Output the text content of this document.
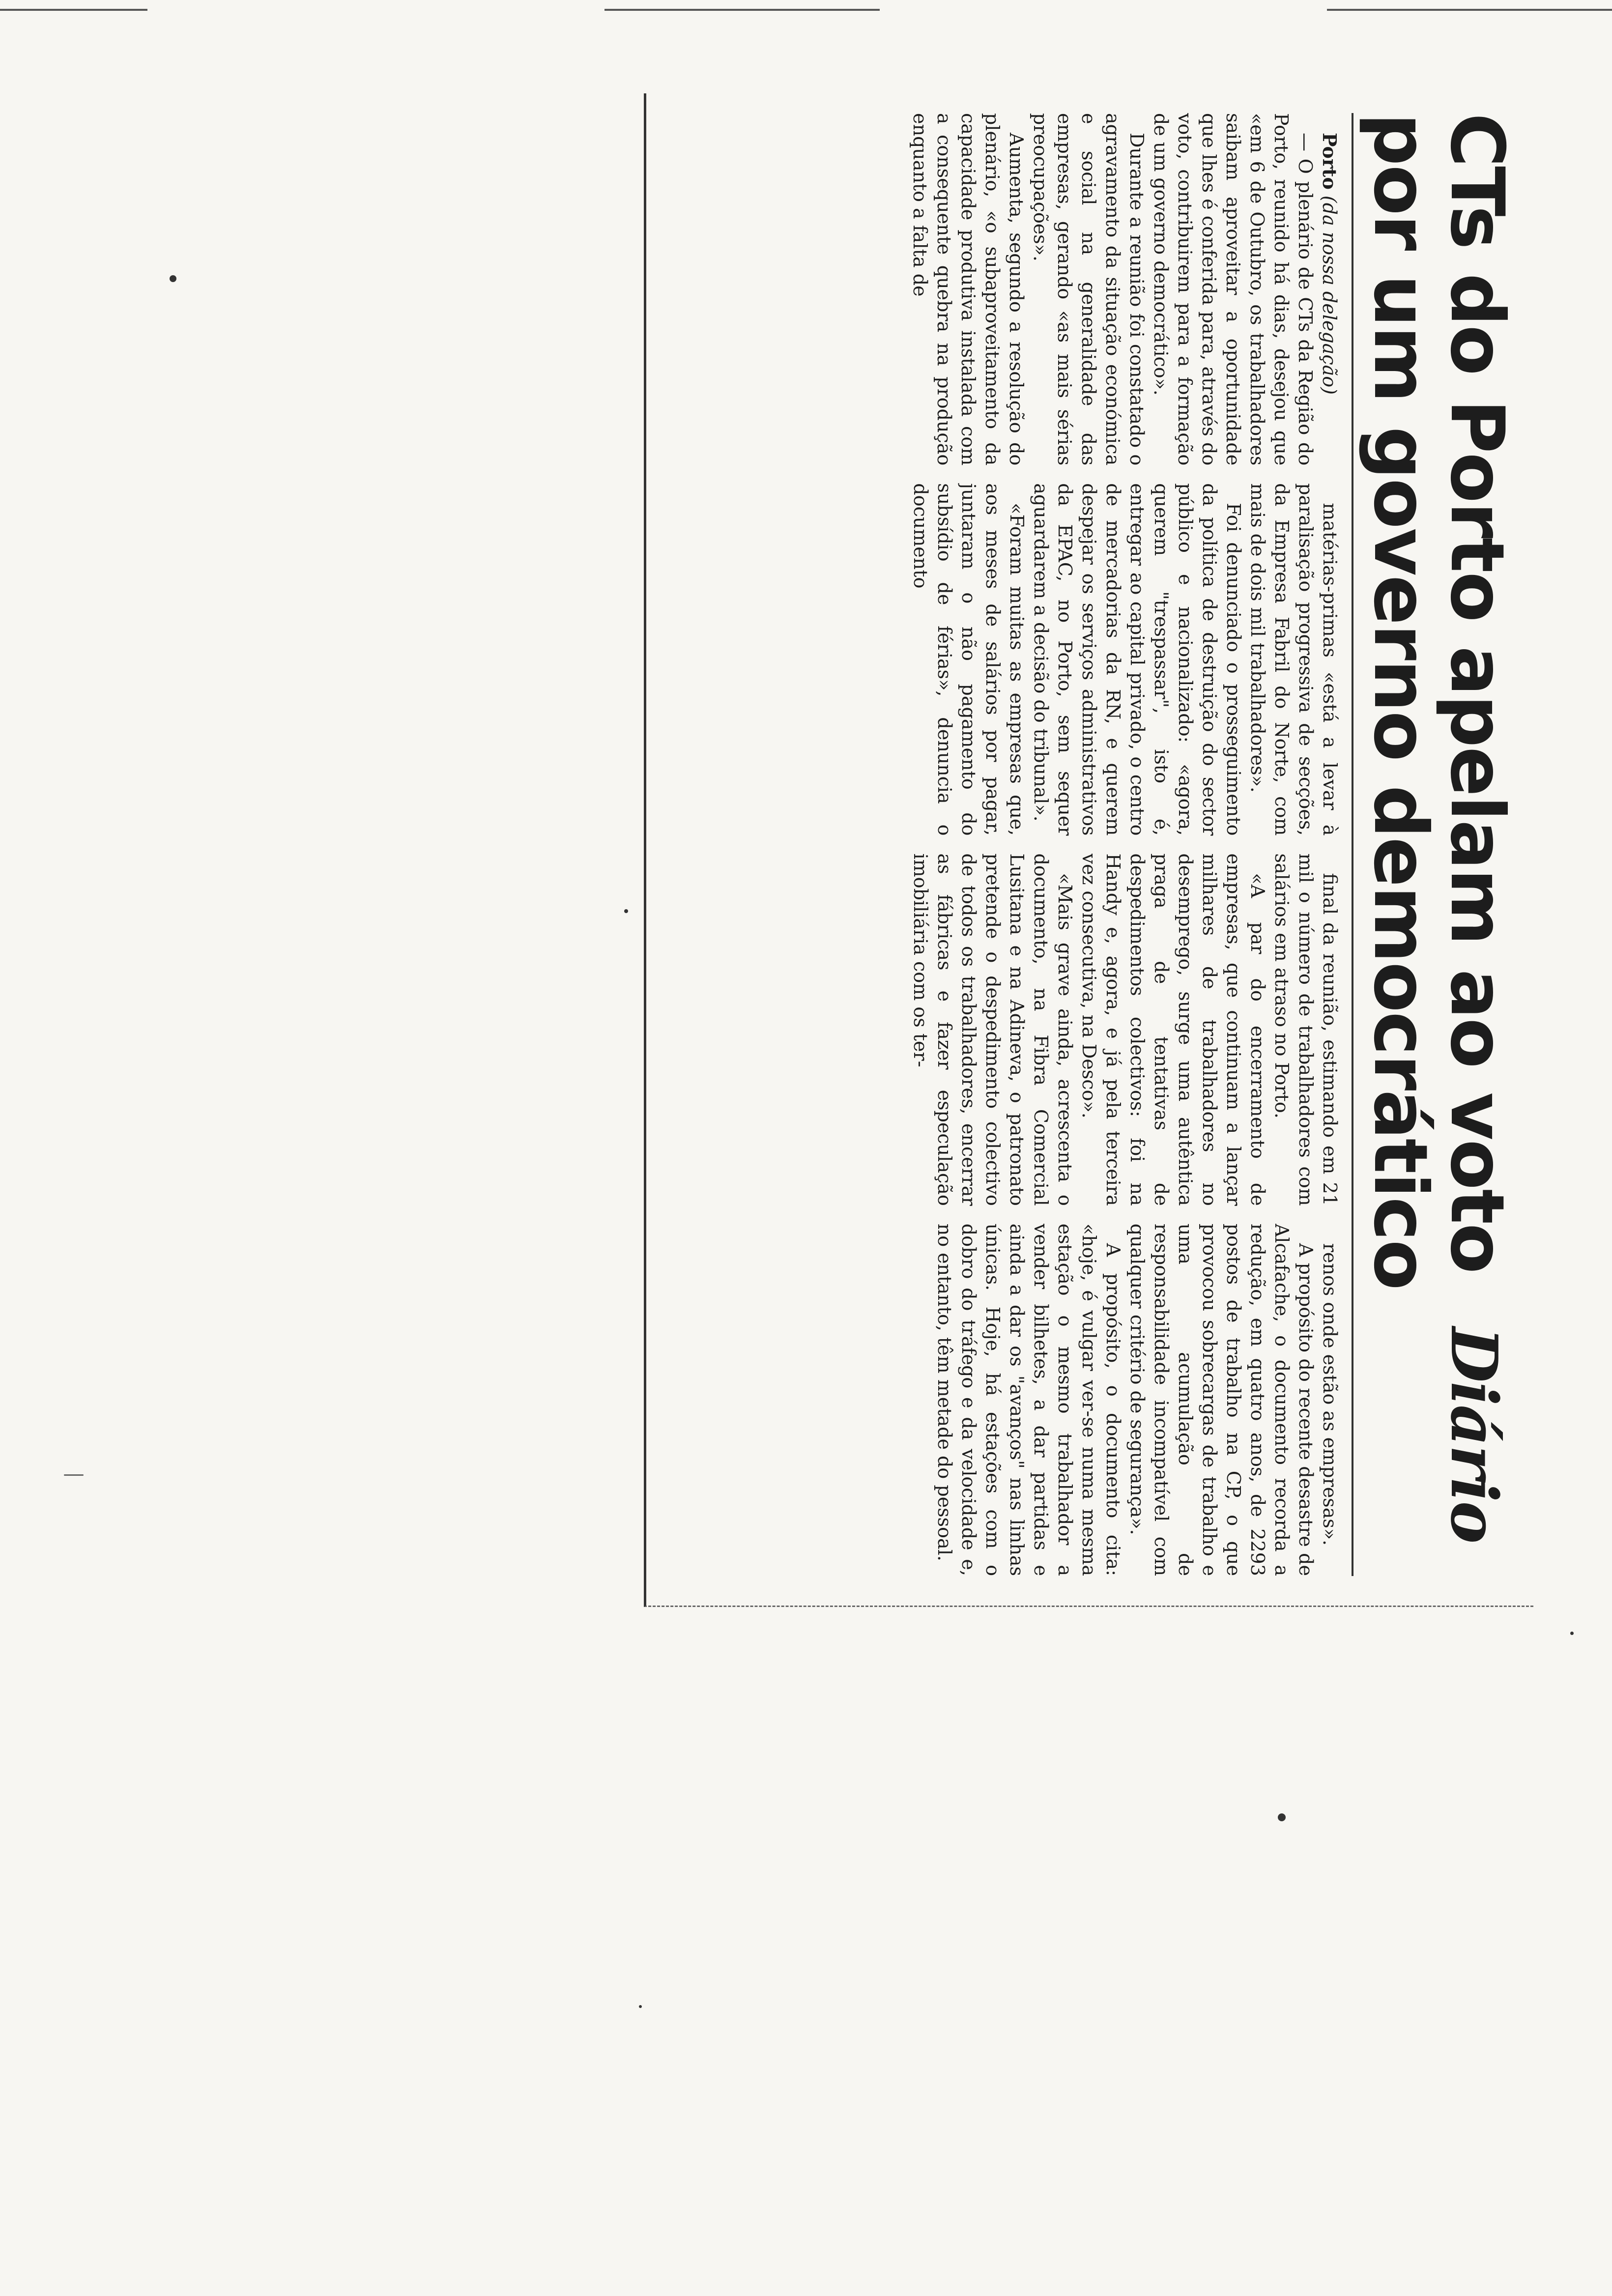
CTs do Porto apelam ao voto Diário
por um governo democrático

Porto (da nossa delegação)

— O plenário de CTs da Região do Porto, reunido há dias, desejou que «em 6 de Outubro, os trabalhadores saibam aproveitar a oportunidade que lhes é conferida para, através do voto, contribuirem para a formação de um governo democrático».

Durante a reunião foi constatado o agravamento da situação económica e social na generalidade das empresas, gerando «as mais sérias preocupações».

Aumenta, segundo a resolução do plenário, «o subaproveitamento da capacidade produtiva instalada com a consequente quebra na produção enquanto a falta de

matérias-primas «está a levar à paralisação progressiva de secções, da Empresa Fabril do Norte, com mais de dois mil trabalhadores».

Foi denunciado o prosseguimento da política de destruição do sector público e nacionalizado: «agora, querem "trespassar", isto é, entregar ao capital privado, o centro de mercadorias da RN, e querem despejar os serviços administrativos da EPAC, no Porto, sem sequer aguardarem a decisão do tribunal».

«Foram muitas as empresas que, aos meses de salários por pagar, juntaram o não pagamento do subsídio de férias», denuncia o documento

final da reunião, estimando em 21 mil o número de trabalhadores com salários em atraso no Porto.

«A par do encerramento de empresas, que continuam a lançar milhares de trabalhadores no desemprego, surge uma autêntica praga de tentativas de despedimentos colectivos: foi na Handy e, agora, e já pela terceira vez consecutiva, na Desco».

«Mais grave ainda, acrescenta o documento, na Fibra Comercial Lusitana e na Adineva, o patronato pretende o despedimento colectivo de todos os trabalhadores, encerrar as fábricas e fazer especulação imobiliária com os ter-

renos onde estão as empresas».

A propósito do recente desastre de Alcafache, o documento recorda a redução, em quatro anos, de 2293 postos de trabalho na CP, o que provocou sobrecargas de trabalho e uma acumulação de responsabilidade incompatível com qualquer critério de segurança».

A propósito, o documento cita: «hoje, é vulgar ver-se numa mesma estação o mesmo trabalhador a vender bilhetes, a dar partidas e ainda a dar os "avanços" nas linhas únicas. Hoje, há estações com o dobro do tráfego e da velocidade e, no entanto, têm metade do pessoal.
